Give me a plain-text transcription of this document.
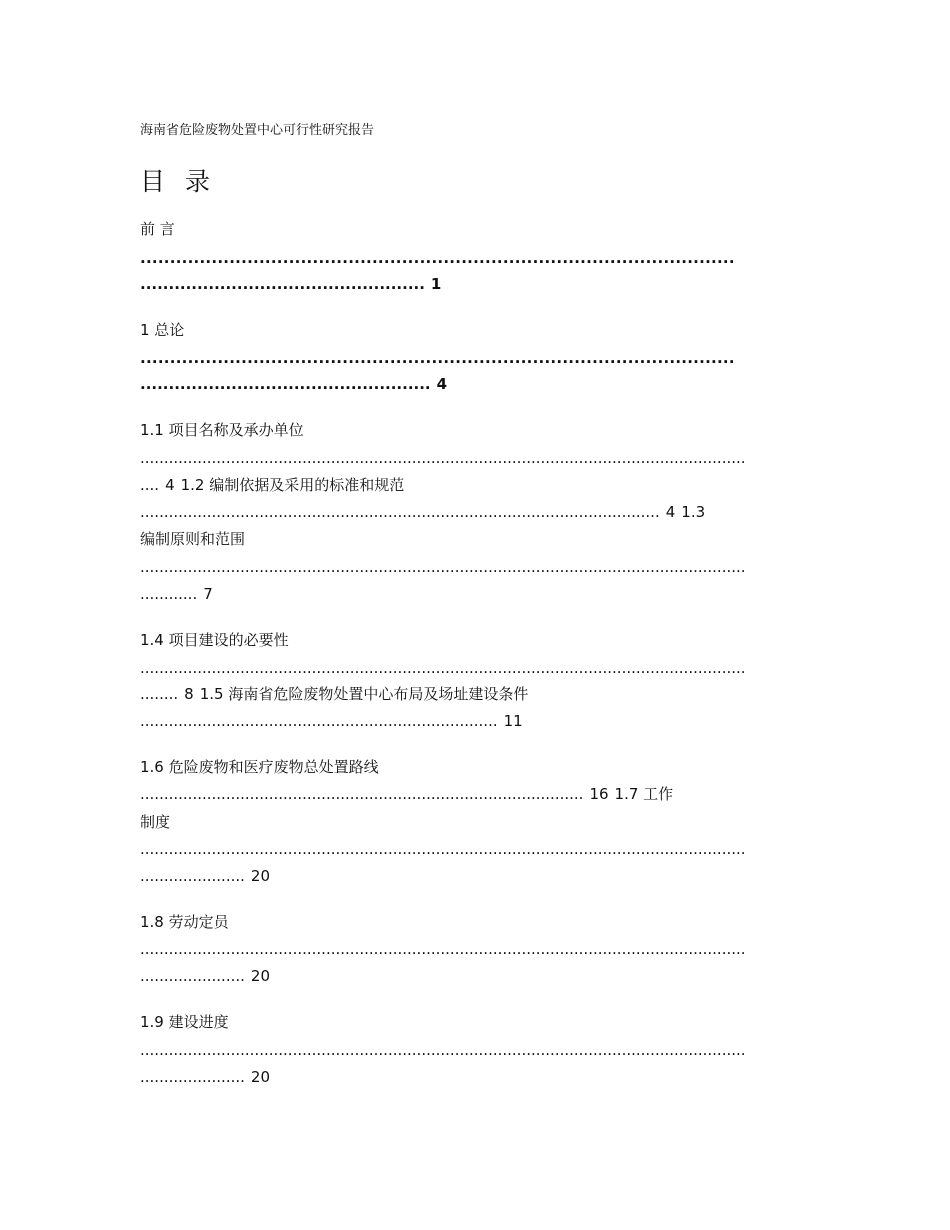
海南省危险废物处置中心可行性研究报告
目 录
前 言
....................................................................................................
.................................................. 1
1 总论
....................................................................................................
................................................... 4
1.1 项目名称及承办单位
...............................................................................................................................
.... 4 1.2 编制依据及采用的标准和规范
............................................................................................................. 4 1.3
编制原则和范围
...............................................................................................................................
............ 7
1.4 项目建设的必要性
...............................................................................................................................
........ 8 1.5 海南省危险废物处置中心布局及场址建设条件
........................................................................... 11
1.6 危险废物和医疗废物总处置路线
............................................................................................. 16 1.7 工作
制度
...............................................................................................................................
...................... 20
1.8 劳动定员
...............................................................................................................................
...................... 20
1.9 建设进度
...............................................................................................................................
...................... 20
